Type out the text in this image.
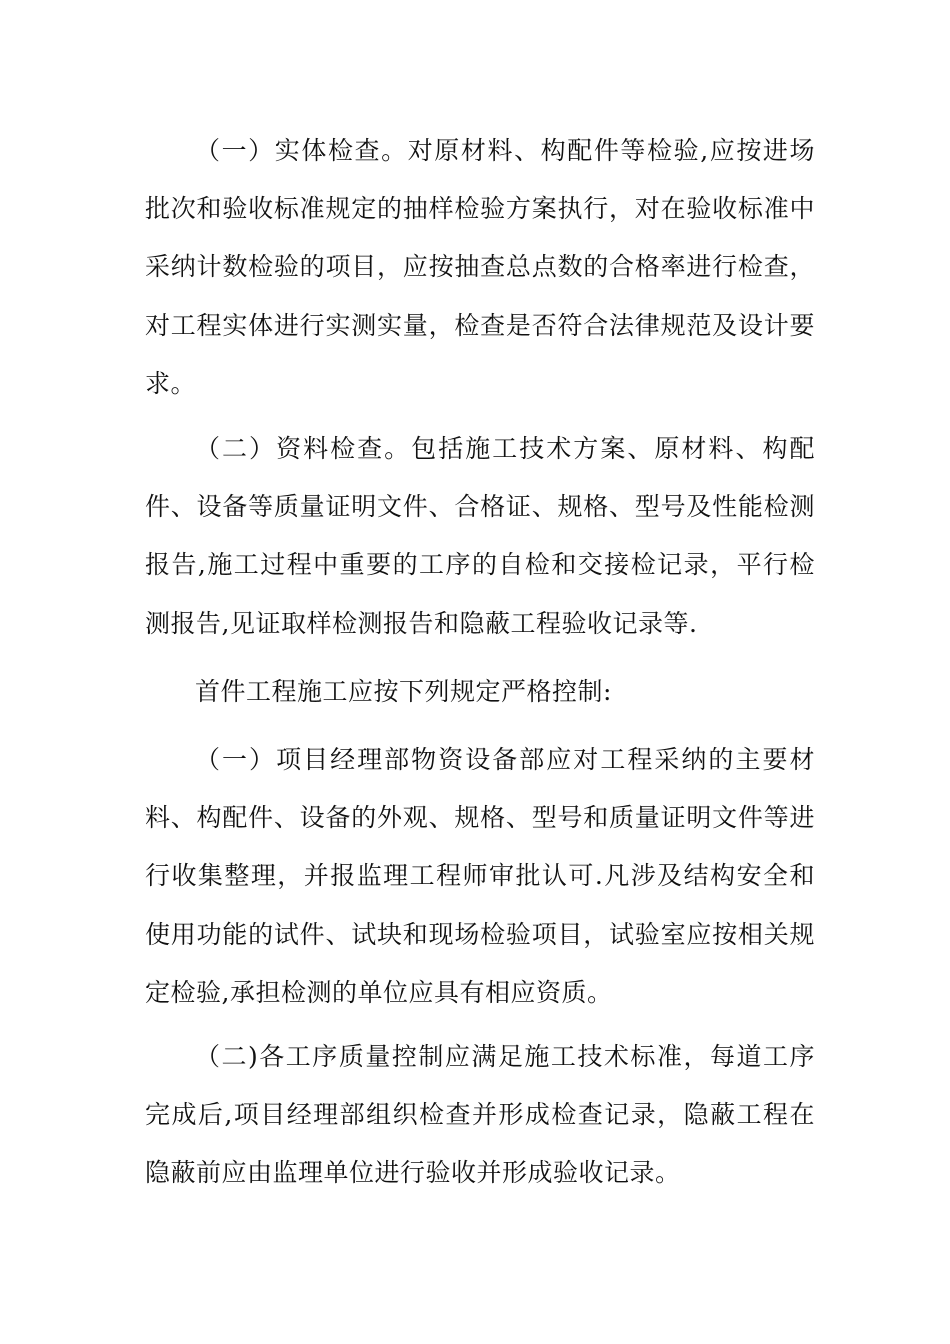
（一）实体检查。对原材料、构配件等检验,应按进场批次和验收标准规定的抽样检验方案执行，对在验收标准中采纳计数检验的项目，应按抽查总点数的合格率进行检查，对工程实体进行实测实量，检查是否符合法律规范及设计要求。

（二）资料检查。包括施工技术方案、原材料、构配件、设备等质量证明文件、合格证、规格、型号及性能检测报告,施工过程中重要的工序的自检和交接检记录，平行检测报告,见证取样检测报告和隐蔽工程验收记录等.

首件工程施工应按下列规定严格控制:

（一）项目经理部物资设备部应对工程采纳的主要材料、构配件、设备的外观、规格、型号和质量证明文件等进行收集整理，并报监理工程师审批认可.凡涉及结构安全和使用功能的试件、试块和现场检验项目，试验室应按相关规定检验,承担检测的单位应具有相应资质。

（二)各工序质量控制应满足施工技术标准，每道工序完成后,项目经理部组织检查并形成检查记录，隐蔽工程在隐蔽前应由监理单位进行验收并形成验收记录。
